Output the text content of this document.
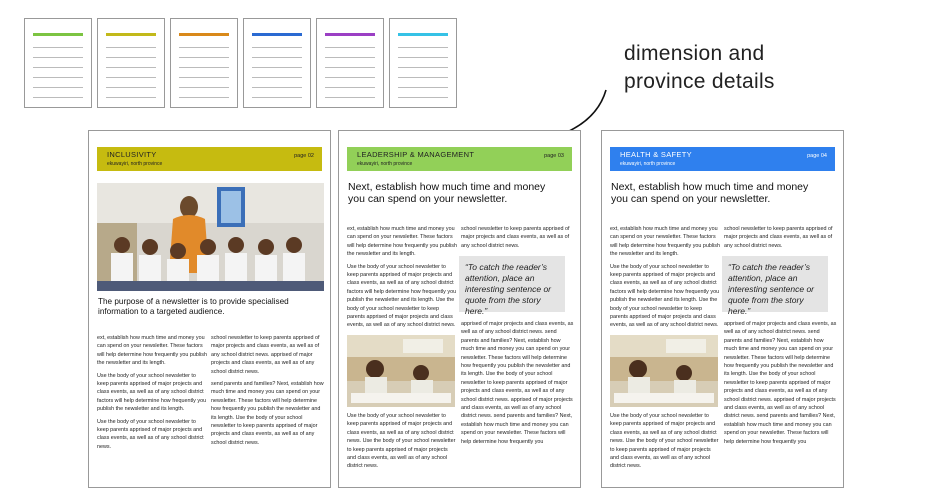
dimension and province details
INCLUSIVITY
ekuwayiri, north province
page 02
The purpose of a newsletter is to provide specialised information to a targeted audience.

ext, establish how much time and money you can spend on your newsletter. These factors will help determine how frequently you publish the newsletter and its length.

Use the body of your school newsletter to keep parents apprised of major projects and class events, as well as of any school district factors will help determine how frequently you publish the newsletter and its length.

Use the body of your school newsletter to keep parents apprised of major projects and class events, as well as of any school district news.

school newsletter to keep parents apprised of major projects and class events, as well as of any school district news. apprised of major projects and class events, as well as of any school district news.

send parents and families? Next, establish how much time and money you can spend on your newsletter. These factors will help determine how frequently you publish the newsletter and its length. Use the body of your school newsletter to keep parents apprised of major projects and class events, as well as of any school district news.

LEADERSHIP & MANAGEMENT
ekuwayiri, north province
page 03
Next, establish how much time and money you can spend on your newsletter.

ext, establish how much time and money you can spend on your newsletter. These factors will help determine how frequently you publish the newsletter and its length.

Use the body of your school newsletter to keep parents apprised of major projects and class events, as well as of any school district factors will help determine how frequently you publish the newsletter and its length. Use the body of your school newsletter to keep parents apprised of major projects and class events, as well as of any school district news.

Use the body of your school newsletter to keep parents apprised of major projects and class events, as well as of any school district news. Use the body of your school newsletter to keep parents apprised of major projects and class events, as well as of any school district news.

school newsletter to keep parents apprised of major projects and class events, as well as of any school district news.

“To catch the reader’s attention, place an interesting sentence or quote from the story here.”

apprised of major projects and class events, as well as of any school district news. send parents and families? Next, establish how much time and money you can spend on your newsletter. These factors will help determine how frequently you publish the newsletter and its length. Use the body of your school newsletter to keep parents apprised of major projects and class events, as well as of any school district news. apprised of major projects and class events, as well as of any school district news. send parents and families? Next, establish how much time and money you can spend on your newsletter. These factors will help determine how frequently you

HEALTH & SAFETY
ekuwayiri, north province
page 04
Next, establish how much time and money you can spend on your newsletter.

ext, establish how much time and money you can spend on your newsletter. These factors will help determine how frequently you publish the newsletter and its length.

Use the body of your school newsletter to keep parents apprised of major projects and class events, as well as of any school district factors will help determine how frequently you publish the newsletter and its length. Use the body of your school newsletter to keep parents apprised of major projects and class events, as well as of any school district news.

Use the body of your school newsletter to keep parents apprised of major projects and class events, as well as of any school district news. Use the body of your school newsletter to keep parents apprised of major projects and class events, as well as of any school district news.

school newsletter to keep parents apprised of major projects and class events, as well as of any school district news.

“To catch the reader’s attention, place an interesting sentence or quote from the story here.”

apprised of major projects and class events, as well as of any school district news. send parents and families? Next, establish how much time and money you can spend on your newsletter. These factors will help determine how frequently you publish the newsletter and its length. Use the body of your school newsletter to keep parents apprised of major projects and class events, as well as of any school district news. apprised of major projects and class events, as well as of any school district news. send parents and families? Next, establish how much time and money you can spend on your newsletter. These factors will help determine how frequently you
